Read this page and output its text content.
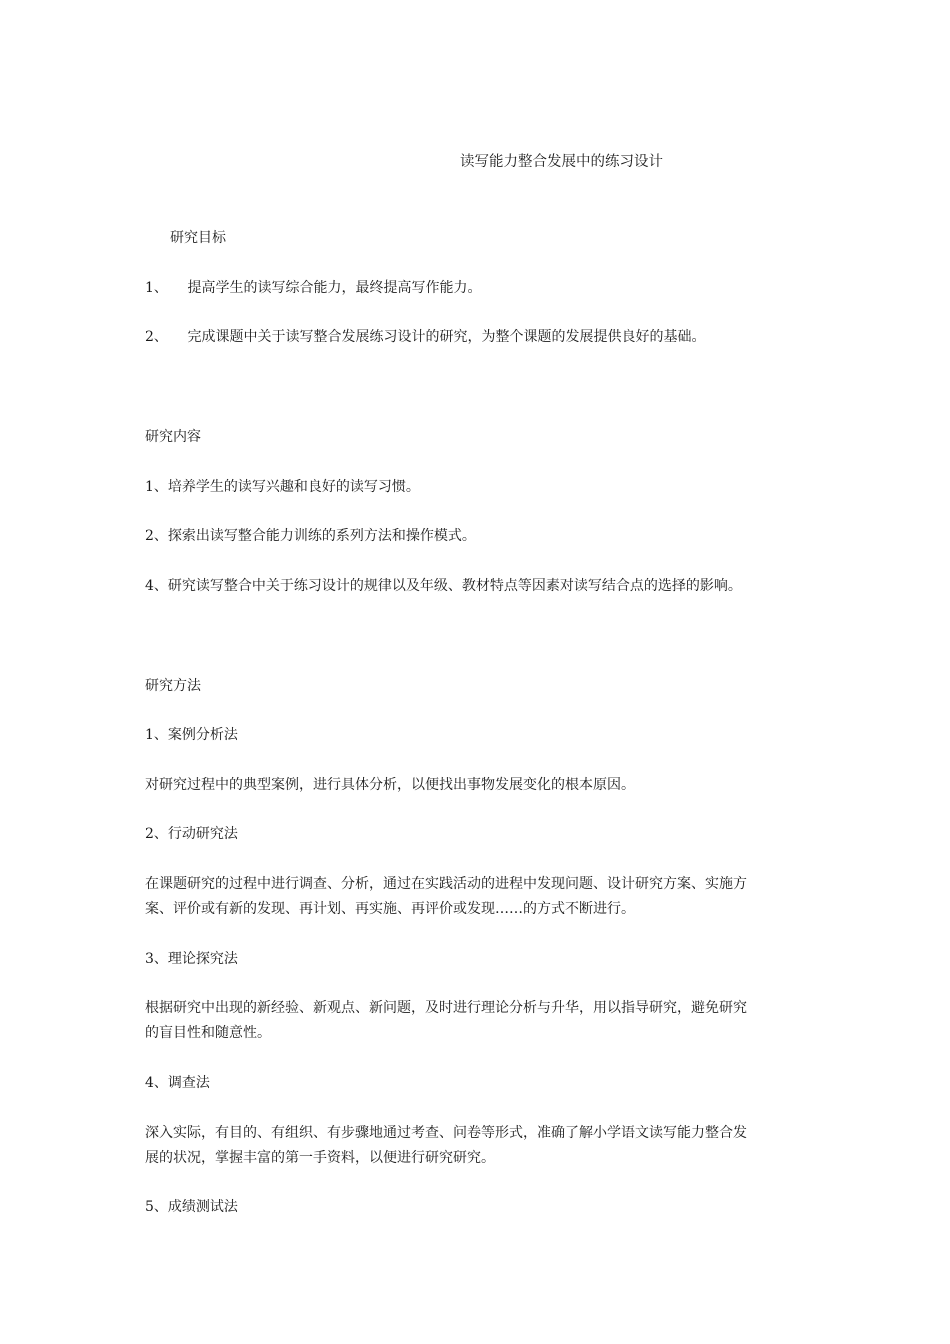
读写能力整合发展中的练习设计
研究目标
1、 提高学生的读写综合能力，最终提高写作能力。
2、 完成课题中关于读写整合发展练习设计的研究，为整个课题的发展提供良好的基础。
研究内容
1、培养学生的读写兴趣和良好的读写习惯。
2、探索出读写整合能力训练的系列方法和操作模式。
4、研究读写整合中关于练习设计的规律以及年级、教材特点等因素对读写结合点的选择的影响。
研究方法
1、案例分析法
对研究过程中的典型案例，进行具体分析，以便找出事物发展变化的根本原因。
2、行动研究法
在课题研究的过程中进行调查、分析，通过在实践活动的进程中发现问题、设计研究方案、实施方
案、评价或有新的发现、再计划、再实施、再评价或发现……的方式不断进行。
3、理论探究法
根据研究中出现的新经验、新观点、新问题，及时进行理论分析与升华，用以指导研究，避免研究
的盲目性和随意性。
4、调查法
深入实际，有目的、有组织、有步骤地通过考查、问卷等形式，准确了解小学语文读写能力整合发
展的状况，掌握丰富的第一手资料，以便进行研究研究。
5、成绩测试法
